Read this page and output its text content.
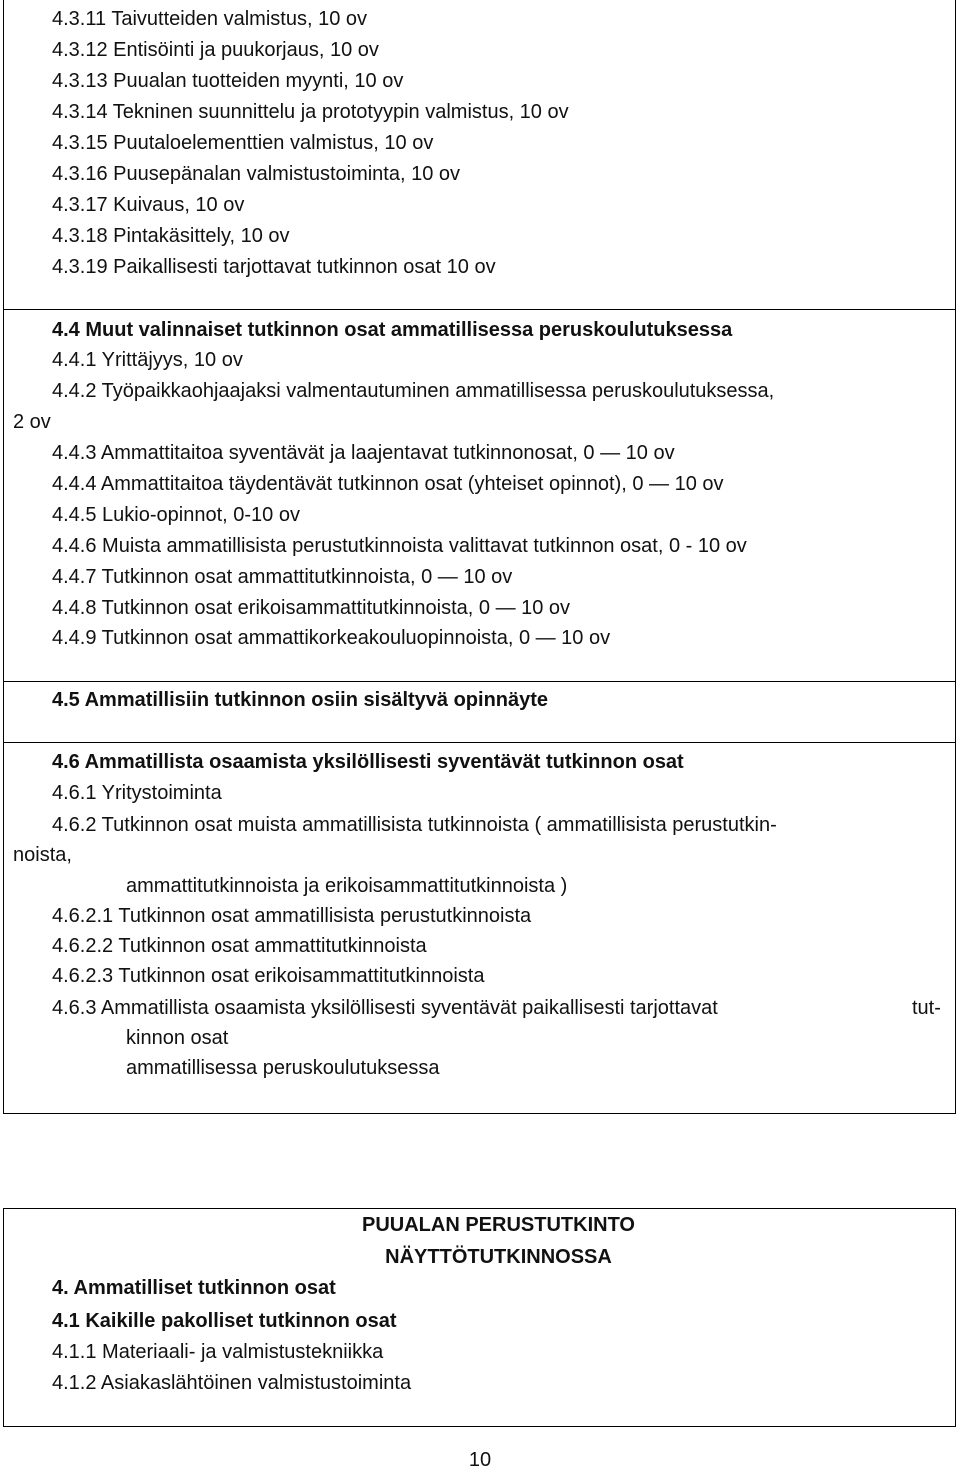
4.3.11 Taivutteiden valmistus, 10 ov
4.3.12 Entisöinti ja puukorjaus, 10 ov
4.3.13 Puualan tuotteiden myynti, 10 ov
4.3.14 Tekninen suunnittelu ja prototyypin valmistus, 10 ov
4.3.15 Puutaloelementtien valmistus, 10 ov
4.3.16 Puusepänalan valmistustoiminta, 10 ov
4.3.17 Kuivaus, 10 ov
4.3.18 Pintakäsittely, 10 ov
4.3.19 Paikallisesti tarjottavat tutkinnon osat 10 ov
4.4 Muut valinnaiset tutkinnon osat ammatillisessa peruskoulutuksessa
4.4.1 Yrittäjyys, 10 ov
4.4.2 Työpaikkaohjaajaksi valmentautuminen ammatillisessa peruskoulutuksessa,
2 ov
4.4.3 Ammattitaitoa syventävät ja laajentavat tutkinnonosat, 0 — 10 ov
4.4.4 Ammattitaitoa täydentävät tutkinnon osat (yhteiset opinnot), 0 — 10 ov
4.4.5 Lukio-opinnot, 0-10 ov
4.4.6 Muista ammatillisista perustutkinnoista valittavat tutkinnon osat, 0 - 10 ov
4.4.7 Tutkinnon osat ammattitutkinnoista, 0 — 10 ov
4.4.8 Tutkinnon osat erikoisammattitutkinnoista, 0 — 10 ov
4.4.9 Tutkinnon osat ammattikorkeakouluopinnoista, 0 — 10 ov
4.5 Ammatillisiin tutkinnon osiin sisältyvä opinnäyte
4.6 Ammatillista osaamista yksilöllisesti syventävät tutkinnon osat
4.6.1 Yritystoiminta
4.6.2 Tutkinnon osat muista ammatillisista tutkinnoista ( ammatillisista perustutkin-
noista,
ammattitutkinnoista ja erikoisammattitutkinnoista )
4.6.2.1 Tutkinnon osat ammatillisista perustutkinnoista
4.6.2.2 Tutkinnon osat ammattitutkinnoista
4.6.2.3 Tutkinnon osat erikoisammattitutkinnoista
4.6.3 Ammatillista osaamista yksilöllisesti syventävät paikallisesti tarjottavat	tut-
kinnon osat
ammatillisessa peruskoulutuksessa
PUUALAN PERUSTUTKINTO
NÄYTTÖTUTKINNOSSA
4. Ammatilliset tutkinnon osat
4.1 Kaikille pakolliset tutkinnon osat
4.1.1 Materiaali- ja valmistustekniikka
4.1.2 Asiakaslähtöinen valmistustoiminta
10
